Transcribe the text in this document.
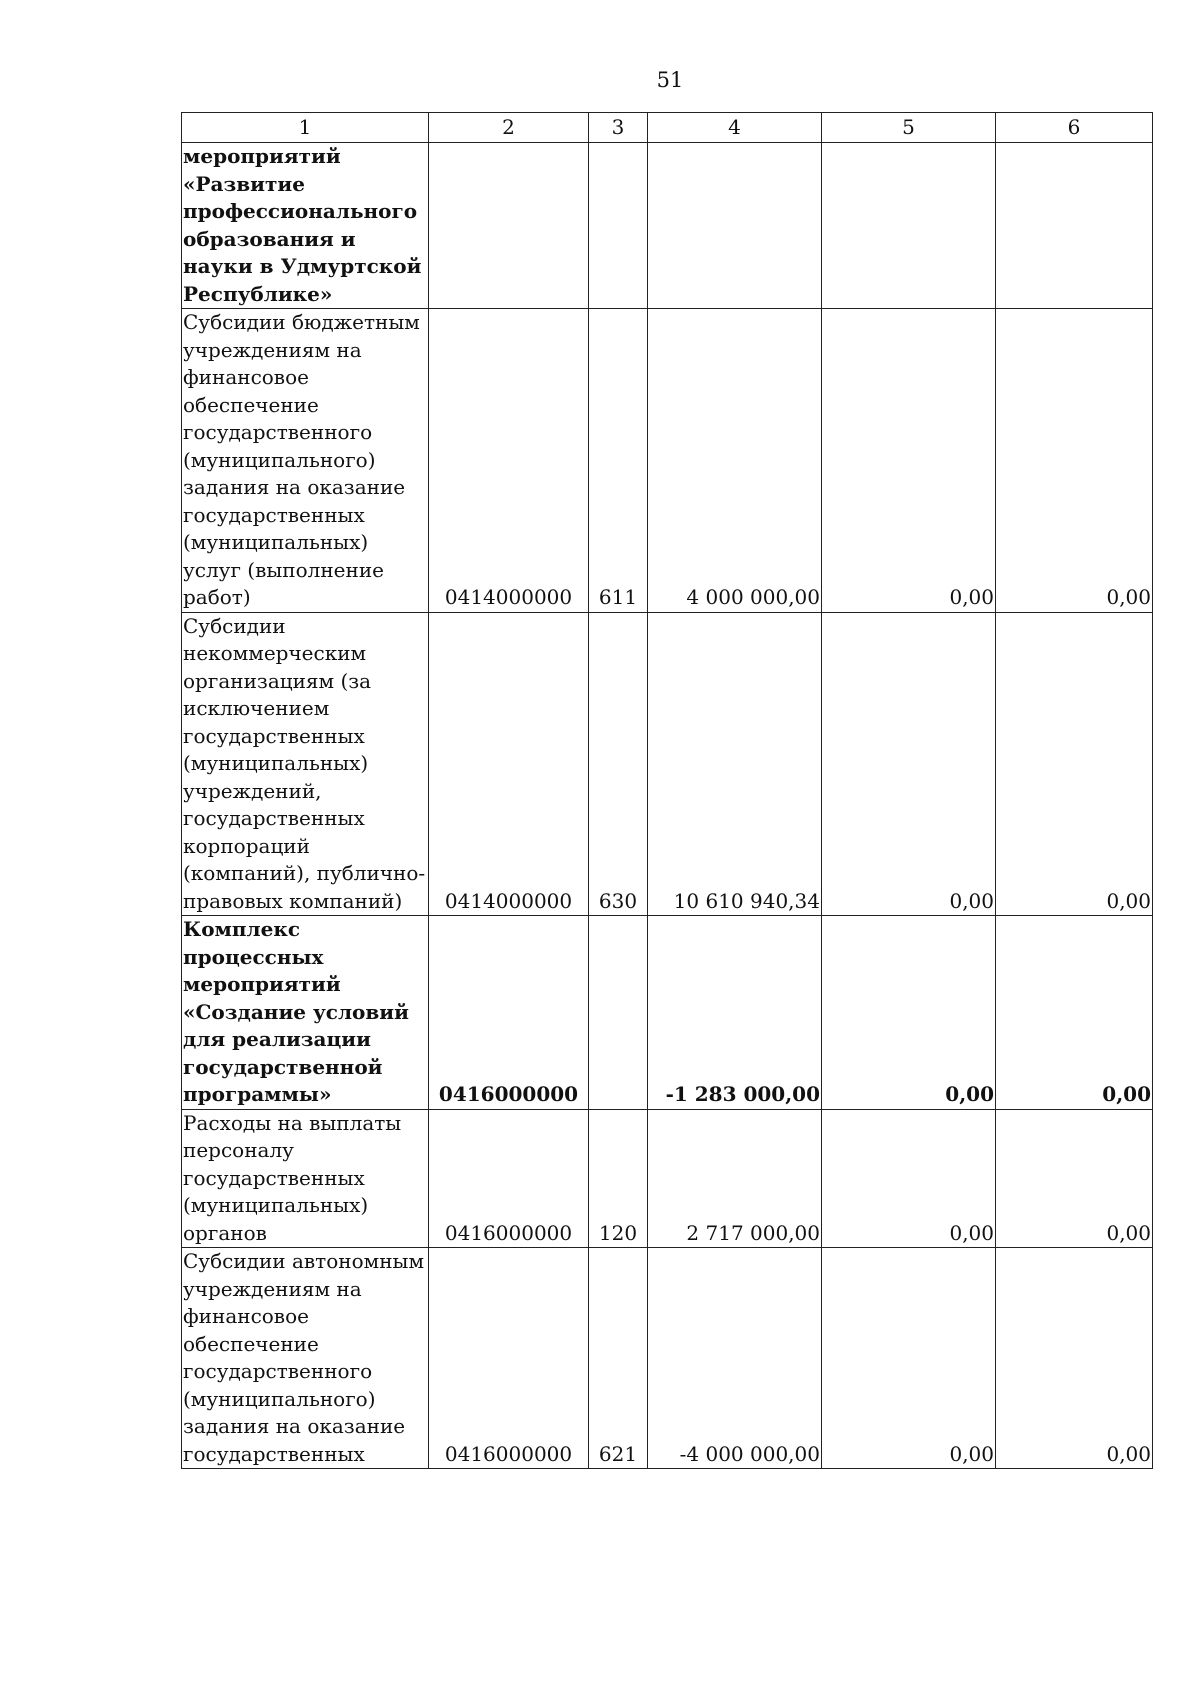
51
1	2	3	4	5	6
мероприятий «Развитие профессионального образования и науки в Удмуртской Республике»					
Субсидии бюджетным учреждениям на финансовое обеспечение государственного (муниципального) задания на оказание государственных (муниципальных) услуг (выполнение работ)	0414000000	611	4 000 000,00	0,00	0,00
Субсидии некоммерческим организациям (за исключением государственных (муниципальных) учреждений, государственных корпораций (компаний), публично-правовых компаний)	0414000000	630	10 610 940,34	0,00	0,00
Комплекс процессных мероприятий «Создание условий для реализации государственной программы»	0416000000		-1 283 000,00	0,00	0,00
Расходы на выплаты персоналу государственных (муниципальных) органов	0416000000	120	2 717 000,00	0,00	0,00
Субсидии автономным учреждениям на финансовое обеспечение государственного (муниципального) задания на оказание государственных	0416000000	621	-4 000 000,00	0,00	0,00
